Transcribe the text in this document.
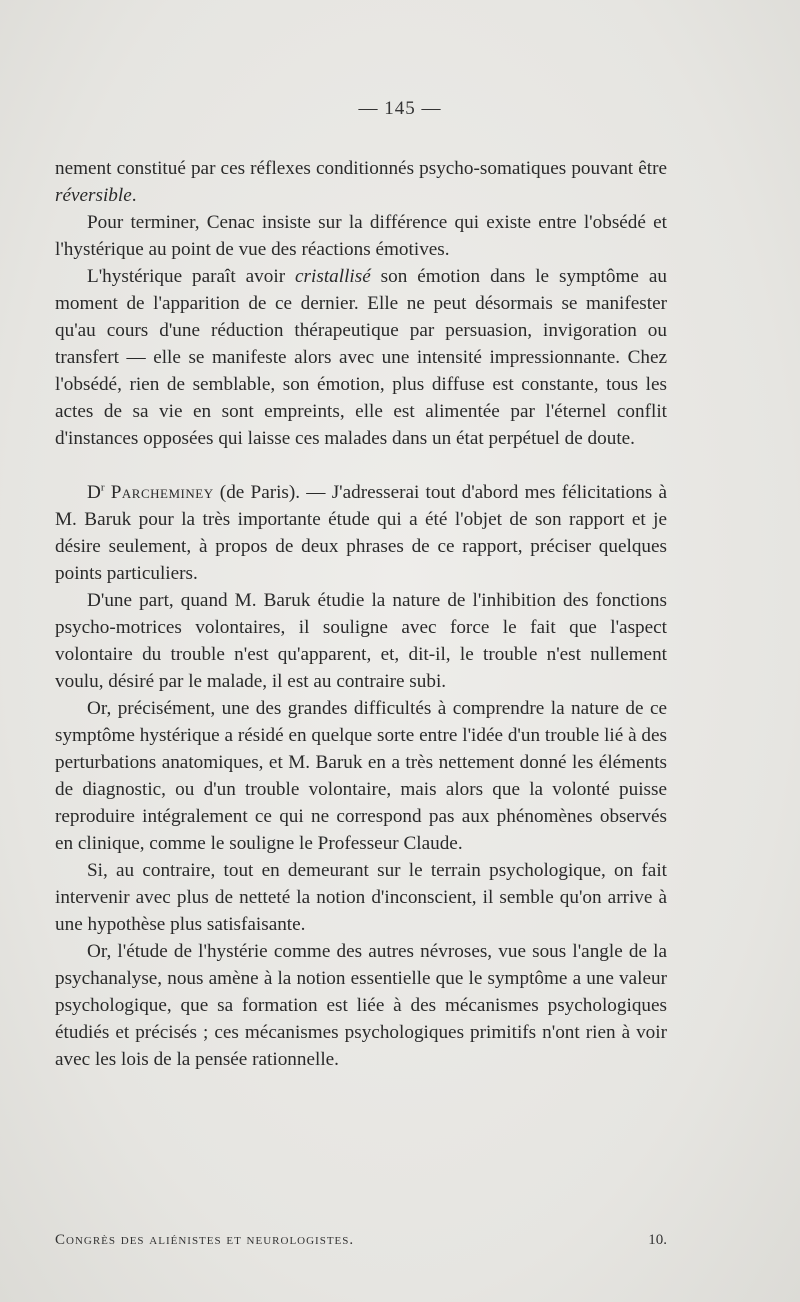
— 145 —

nement constitué par ces réflexes conditionnés psycho-somatiques pouvant être réversible.

Pour terminer, Cenac insiste sur la différence qui existe entre l'obsédé et l'hystérique au point de vue des réactions émotives.

L'hystérique paraît avoir cristallisé son émotion dans le symptôme au moment de l'apparition de ce dernier. Elle ne peut désormais se manifester qu'au cours d'une réduction thérapeutique par persuasion, invigoration ou transfert — elle se manifeste alors avec une intensité impressionnante. Chez l'obsédé, rien de semblable, son émotion, plus diffuse est constante, tous les actes de sa vie en sont empreints, elle est alimentée par l'éternel conflit d'instances opposées qui laisse ces malades dans un état perpétuel de doute.

$D^r$ Parcheminey (de Paris). — J'adresserai tout d'abord mes félicitations à M. Baruk pour la très importante étude qui a été l'objet de son rapport et je désire seulement, à propos de deux phrases de ce rapport, préciser quelques points particuliers.

D'une part, quand M. Baruk étudie la nature de l'inhibition des fonctions psycho-motrices volontaires, il souligne avec force le fait que l'aspect volontaire du trouble n'est qu'apparent, et, dit-il, le trouble n'est nullement voulu, désiré par le malade, il est au contraire subi.

Or, précisément, une des grandes difficultés à comprendre la nature de ce symptôme hystérique a résidé en quelque sorte entre l'idée d'un trouble lié à des perturbations anatomiques, et M. Baruk en a très nettement donné les éléments de diagnostic, ou d'un trouble volontaire, mais alors que la volonté puisse reproduire intégralement ce qui ne correspond pas aux phénomènes observés en clinique, comme le souligne le Professeur Claude.

Si, au contraire, tout en demeurant sur le terrain psychologique, on fait intervenir avec plus de netteté la notion d'inconscient, il semble qu'on arrive à une hypothèse plus satisfaisante.

Or, l'étude de l'hystérie comme des autres névroses, vue sous l'angle de la psychanalyse, nous amène à la notion essentielle que le symptôme a une valeur psychologique, que sa formation est liée à des mécanismes psychologiques étudiés et précisés ; ces mécanismes psychologiques primitifs n'ont rien à voir avec les lois de la pensée rationnelle.

Congrès des aliénistes et neurologistes.	10.
